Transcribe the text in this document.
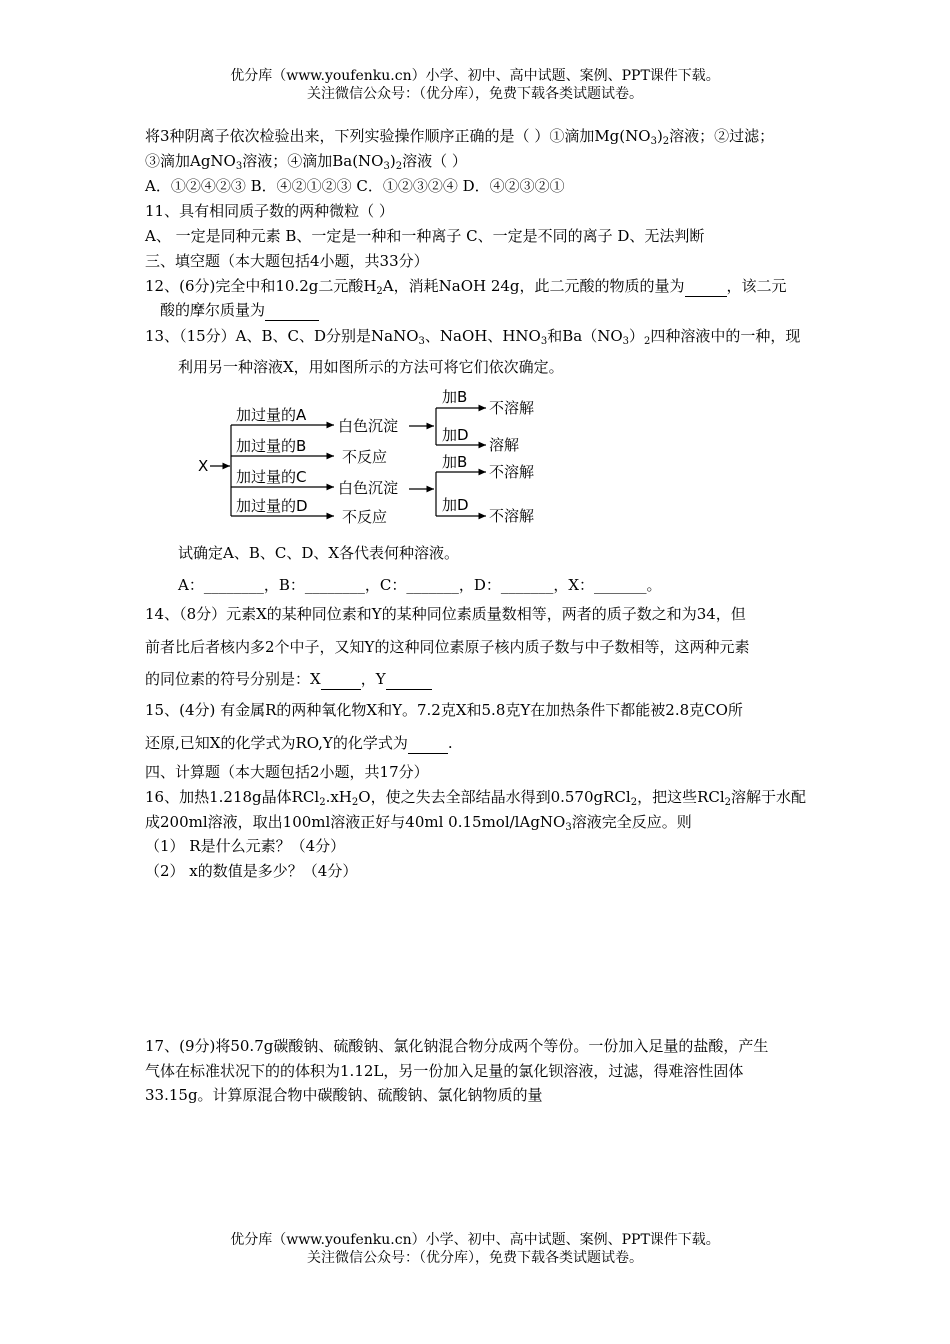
优分库（www.youfenku.cn）小学、初中、高中试题、案例、PPT课件下载。
关注微信公众号：（优分库），免费下载各类试题试卷。
将3种阴离子依次检验出来，下列实验操作顺序正确的是（ ）①滴加$Mg(NO_3)_2$溶液；②过滤；
③滴加AgNO$_3$溶液；④滴加$Ba(NO_3)_2$溶液（ ）
A．①②④②③ B．④②①②③ C．①②③②④ D．④②③②①
11、具有相同质子数的两种微粒（ ）
A、 一定是同种元素 B、一定是一种和一种离子 C、一定是不同的离子 D、无法判断
三、填空题（本大题包括4小题，共33分）
12、(6分)完全中和10.2g二元酸$H_2A$，消耗NaOH 24g，此二元酸的物质的量为	，该二元
酸的摩尔质量为
13、（15分）A、B、C、D分别是NaNO$_3$、NaOH、$HNO_3$和$Ba(NO_3)_2$四种溶液中的一种，现
利用另一种溶液X，用如图所示的方法可将它们依次确定。
X
加过量的A
加过量的B
加过量的C
加过量的D
白色沉淀
不反应
白色沉淀
不反应
加B
加D
加B
加D
不溶解
溶解
不溶解
不溶解
试确定A、B、C、D、X各代表何种溶液。
A：________，B：________，C：_______，D：_______，X：_______。
14、（8分）元素X的某种同位素和Y的某种同位素质量数相等，两者的质子数之和为34，但
前者比后者核内多2个中子，又知Y的这种同位素原子核内质子数与中子数相等，这两种元素
的同位素的符号分别是：X	，Y
15、(4分) 有金属R的两种氧化物X和Y。7.2克X和5.8克Y在加热条件下都能被2.8克CO所
还原,已知X的化学式为RO,Y的化学式为	.
四、计算题（本大题包括2小题，共17分）
16、加热1.218g晶体$RCl_2.xH_2O$，使之失去全部结晶水得到0.570gRCl$_2$，把这些RCl$_2$溶解于水配
成200ml溶液，取出100ml溶液正好与40ml 0.15mol/lAgNO$_3$溶液完全反应。则
（1） R是什么元素？（4分）
（2） x的数值是多少？（4分）
17、(9分)将50.7g碳酸钠、硫酸钠、氯化钠混合物分成两个等份。一份加入足量的盐酸，产生
气体在标准状况下的的体积为1.12L，另一份加入足量的氯化钡溶液，过滤，得难溶性固体
33.15g。计算原混合物中碳酸钠、硫酸钠、氯化钠物质的量
优分库（www.youfenku.cn）小学、初中、高中试题、案例、PPT课件下载。
关注微信公众号：（优分库），免费下载各类试题试卷。
